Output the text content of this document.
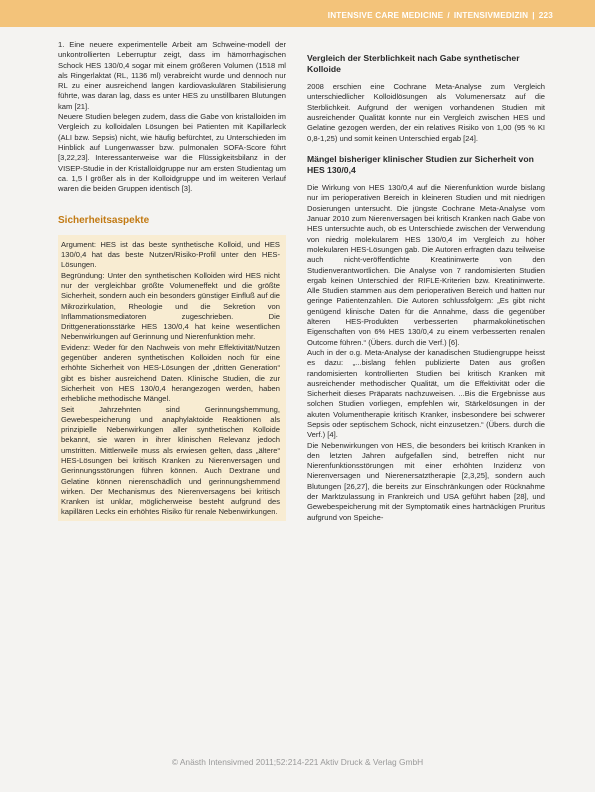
INTENSIVE CARE MEDICINE / INTENSIVMEDIZIN | 223

1. Eine neuere experimentelle Arbeit am Schweine-modell der unkontrollierten Leberruptur zeigt, dass im hämorrhagischen Schock HES 130/0,4 sogar mit einem größeren Volumen (1518 ml als Ringerlaktat (RL, 1136 ml) verabreicht wurde und dennoch nur RL zu einer ausreichend langen kardiovaskulären Stabilisierung führte, was daran lag, dass es unter HES zu unstillbaren Blutungen kam [21].

Neuere Studien belegen zudem, dass die Gabe von kristalloiden im Vergleich zu kolloidalen Lösungen bei Patienten mit Kapillarleck (ALI bzw. Sepsis) nicht, wie häufig befürchtet, zu Unterschieden im Hinblick auf Lungenwasser bzw. pulmonalen SOFA-Score führt [3,22,23]. Interessanterweise war die Flüssigkeitsbilanz in der VISEP-Studie in der Kristalloidgruppe nur am ersten Studientag um ca. 1,5 l größer als in der Kolloidgruppe und im weiteren Verlauf waren die beiden Gruppen identisch [3].

Sicherheitsaspekte

Argument: HES ist das beste synthetische Kolloid, und HES 130/0,4 hat das beste Nutzen/Risiko-Profil unter den HES-Lösungen.

Begründung: Unter den synthetischen Kolloiden wird HES nicht nur der vergleichbar größte Volumeneffekt und die größte Sicherheit, sondern auch ein besonders günstiger Einfluß auf die Mikrozirkulation, Rheologie und die Sekretion von Inflammationsmediatoren zugeschrieben. Die Drittgenerationsstärke HES 130/0,4 hat keine wesentlichen Nebenwirkungen auf Gerinnung und Nierenfunktion mehr.

Evidenz: Weder für den Nachweis von mehr Effektivität/Nutzen gegenüber anderen synthetischen Kolloiden noch für eine erhöhte Sicherheit von HES-Lösungen der „dritten Generation“ gibt es bisher ausreichend Daten. Klinische Studien, die zur Sicherheit von HES 130/0,4 herangezogen werden, haben erhebliche methodische Mängel.

Seit Jahrzehnten sind Gerinnungshemmung, Gewebespeicherung und anaphylaktoide Reaktionen als prinzipielle Nebenwirkungen aller synthetischen Kolloide bekannt, sie waren in ihrer klinischen Relevanz jedoch umstritten. Mittlerweile muss als erwiesen gelten, dass „ältere“ HES-Lösungen bei kritisch Kranken zu Nierenversagen und Gerinnungsstörungen führen können. Auch Dextrane und Gelatine können nierenschädlich und gerinnungshemmend wirken. Der Mechanismus des Nierenversagens bei kritisch Kranken ist unklar, möglicherweise besteht aufgrund des kapillären Lecks ein erhöhtes Risiko für renale Nebenwirkungen.

Vergleich der Sterblichkeit nach Gabe synthetischer Kolloide

2008 erschien eine Cochrane Meta-Analyse zum Vergleich unterschiedlicher Kolloidlösungen als Volumenersatz auf die Sterblichkeit. Aufgrund der wenigen vorhandenen Studien mit ausreichender Qualität konnte nur ein Vergleich zwischen HES und Gelatine gezogen werden, der ein relatives Risiko von 1,00 (95 % KI 0,8-1,25) und somit keinen Unterschied ergab [24].

Mängel bisheriger klinischer Studien zur Sicherheit von HES 130/0,4

Die Wirkung von HES 130/0,4 auf die Nierenfunktion wurde bislang nur im perioperativen Bereich in kleineren Studien und mit niedrigen Dosierungen untersucht. Die jüngste Cochrane Meta-Analyse vom Januar 2010 zum Nierenversagen bei kritisch Kranken nach Gabe von HES untersuchte auch, ob es Unterschiede zwischen der Verwendung von niedrig molekularem HES 130/0,4 im Vergleich zu höher molekularen HES-Lösungen gab. Die Autoren erfragten dazu teilweise auch nicht-veröffentlichte Kreatininwerte von den Studienverantwortlichen. Die Analyse von 7 randomisierten Studien ergab keinen Unterschied der RIFLE-Kriterien bzw. Kreatininwerte. Alle Studien stammen aus dem perioperativen Bereich und hatten nur geringe Patientenzahlen. Die Autoren schlussfolgern: „Es gibt nicht genügend klinische Daten für die Annahme, dass die gegenüber älteren HES-Produkten verbesserten pharmakokinetischen Eigenschaften von 6% HES 130/0,4 zu einem verbesserten renalen Outcome führen.“ (Übers. durch die Verf.) [6].

Auch in der o.g. Meta-Analyse der kanadischen Studiengruppe heisst es dazu: „...bislang fehlen publizierte Daten aus großen randomisierten kontrollierten Studien bei kritisch Kranken mit ausreichender methodischer Qualität, um die Effektivität oder die Sicherheit dieses Präparats nachzuweisen. ...Bis die Ergebnisse aus solchen Studien vorliegen, empfehlen wir, Stärkelösungen in der akuten Volumentherapie kritisch Kranker, insbesondere bei schwerer Sepsis oder septischem Schock, nicht einzusetzen.“ (Übers. durch die Verf.) [4].

Die Nebenwirkungen von HES, die besonders bei kritisch Kranken in den letzten Jahren aufgefallen sind, betreffen nicht nur Nierenfunktionsstörungen mit einer erhöhten Inzidenz von Nierenversagen und Nierenersatztherapie [2,3,25], sondern auch Blutungen [26,27], die bereits zur Einschränkungen oder Rücknahme der Marktzulassung in Frankreich und USA geführt haben [28], und Gewebespeicherung mit der Symptomatik eines hartnäckigen Pruritus aufgrund von Speiche-

© Anästh Intensivmed 2011;52:214-221 Aktiv Druck & Verlag GmbH
